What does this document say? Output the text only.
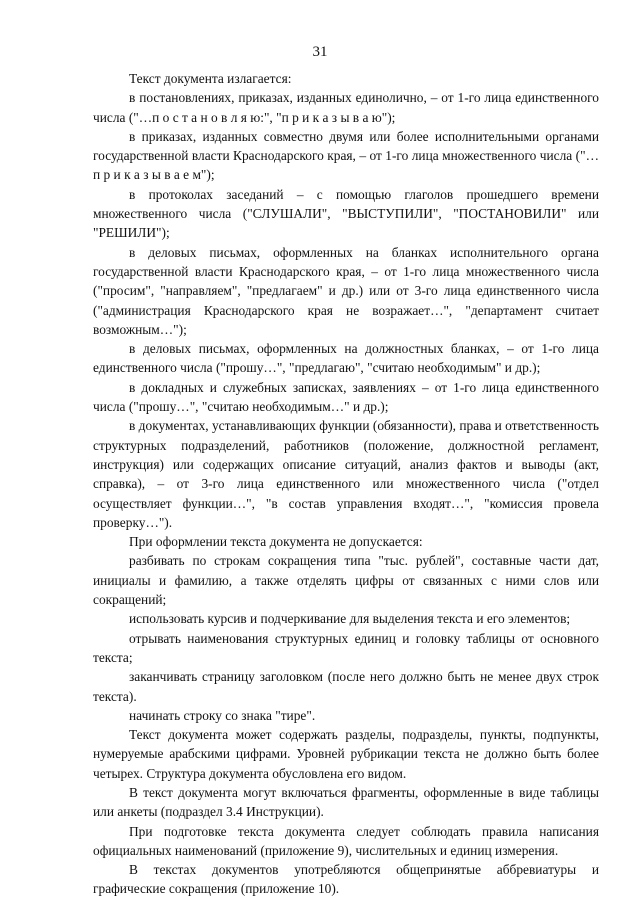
31

Текст документа излагается:

в постановлениях, приказах, изданных единолично, – от 1-го лица единственного числа ("…п о с т а н о в л я ю:", "п р и к а з ы в а ю");

в приказах, изданных совместно двумя или более исполнительными органами государственной власти Краснодарского края, – от 1-го лица множественного числа ("… п р и к а з ы в а е м");

в протоколах заседаний – с помощью глаголов прошедшего времени множественного числа ("СЛУШАЛИ", "ВЫСТУПИЛИ", "ПОСТАНОВИЛИ" или "РЕШИЛИ");

в деловых письмах, оформленных на бланках исполнительного органа государственной власти Краснодарского края, – от 1-го лица множественного числа ("просим", "направляем", "предлагаем" и др.) или от 3-го лица единственного числа ("администрация Краснодарского края не возражает…", "департамент считает возможным…");

в деловых письмах, оформленных на должностных бланках, – от 1-го лица единственного числа ("прошу…", "предлагаю", "считаю необходимым" и др.);

в докладных и служебных записках, заявлениях – от 1-го лица единственного числа ("прошу…", "считаю необходимым…" и др.);

в документах, устанавливающих функции (обязанности), права и ответственность структурных подразделений, работников (положение, должностной регламент, инструкция) или содержащих описание ситуаций, анализ фактов и выводы (акт, справка), – от 3-го лица единственного или множественного числа ("отдел осуществляет функции…", "в состав управления входят…", "комиссия провела проверку…").

При оформлении текста документа не допускается:

разбивать по строкам сокращения типа "тыс. рублей", составные части дат, инициалы и фамилию, а также отделять цифры от связанных с ними слов или сокращений;

использовать курсив и подчеркивание для выделения текста и его элементов;

отрывать наименования структурных единиц и головку таблицы от основного текста;

заканчивать страницу заголовком (после него должно быть не менее двух строк текста).

начинать строку со знака "тире".

Текст документа может содержать разделы, подразделы, пункты, подпункты, нумеруемые арабскими цифрами. Уровней рубрикации текста не должно быть более четырех. Структура документа обусловлена его видом.

В текст документа могут включаться фрагменты, оформленные в виде таблицы или анкеты (подраздел 3.4 Инструкции).

При подготовке текста документа следует соблюдать правила написания официальных наименований (приложение 9), числительных и единиц измерения.

В текстах документов употребляются общепринятые аббревиатуры и графические сокращения (приложение 10).
